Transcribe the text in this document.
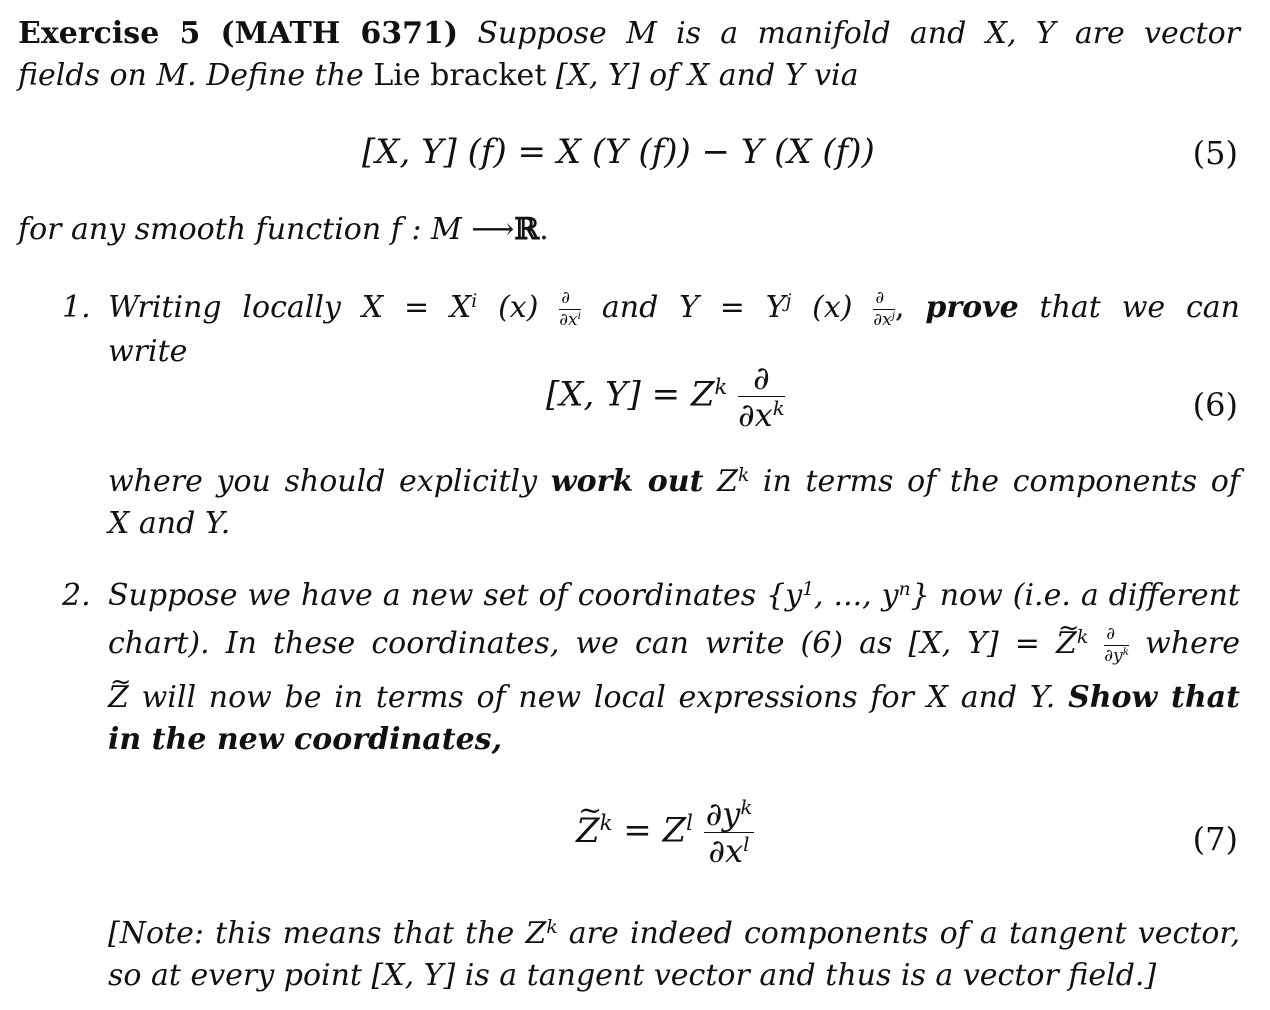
Exercise 5 (MATH 6371) Suppose M is a manifold and X, Y are vector
fields on M. Define the Lie bracket [X, Y] of X and Y via
[X, Y] (f) = X (Y (f)) − Y (X (f))	(5)
for any smooth function f : M ⟶ℝ.
1. Writing locally $X = X^i$ $(x) \frac{\partial}{\partial x^i}$ and $Y = Y^j$ $(x) \frac{\partial}{\partial x^j}$ , prove that we can
write
[X, $Y] = Z^k \frac{\partial}{\partial x^k}$	(6)
where you should explicitly work out $Z^k$ in terms of the components of
X and Y.
2. Suppose we have a new set of coordinates {$y^1$, ..., $y^n$} now (i.e. a different
chart). In these coordinates, we can write (6) as [X, Y] = ~ $Z^k \frac{\partial}{\partial y^k}$ where
~ Z will now be in terms of new local expressions for X and Y. Show that
in the new coordinates,
~ $Z^k = Z^l \frac{\partial y^k}{\partial x^l}$	(7)
[Note: this means that the $Z^k$ are indeed components of a tangent vector,
so at every point [X, Y] is a tangent vector and thus is a vector field.]
